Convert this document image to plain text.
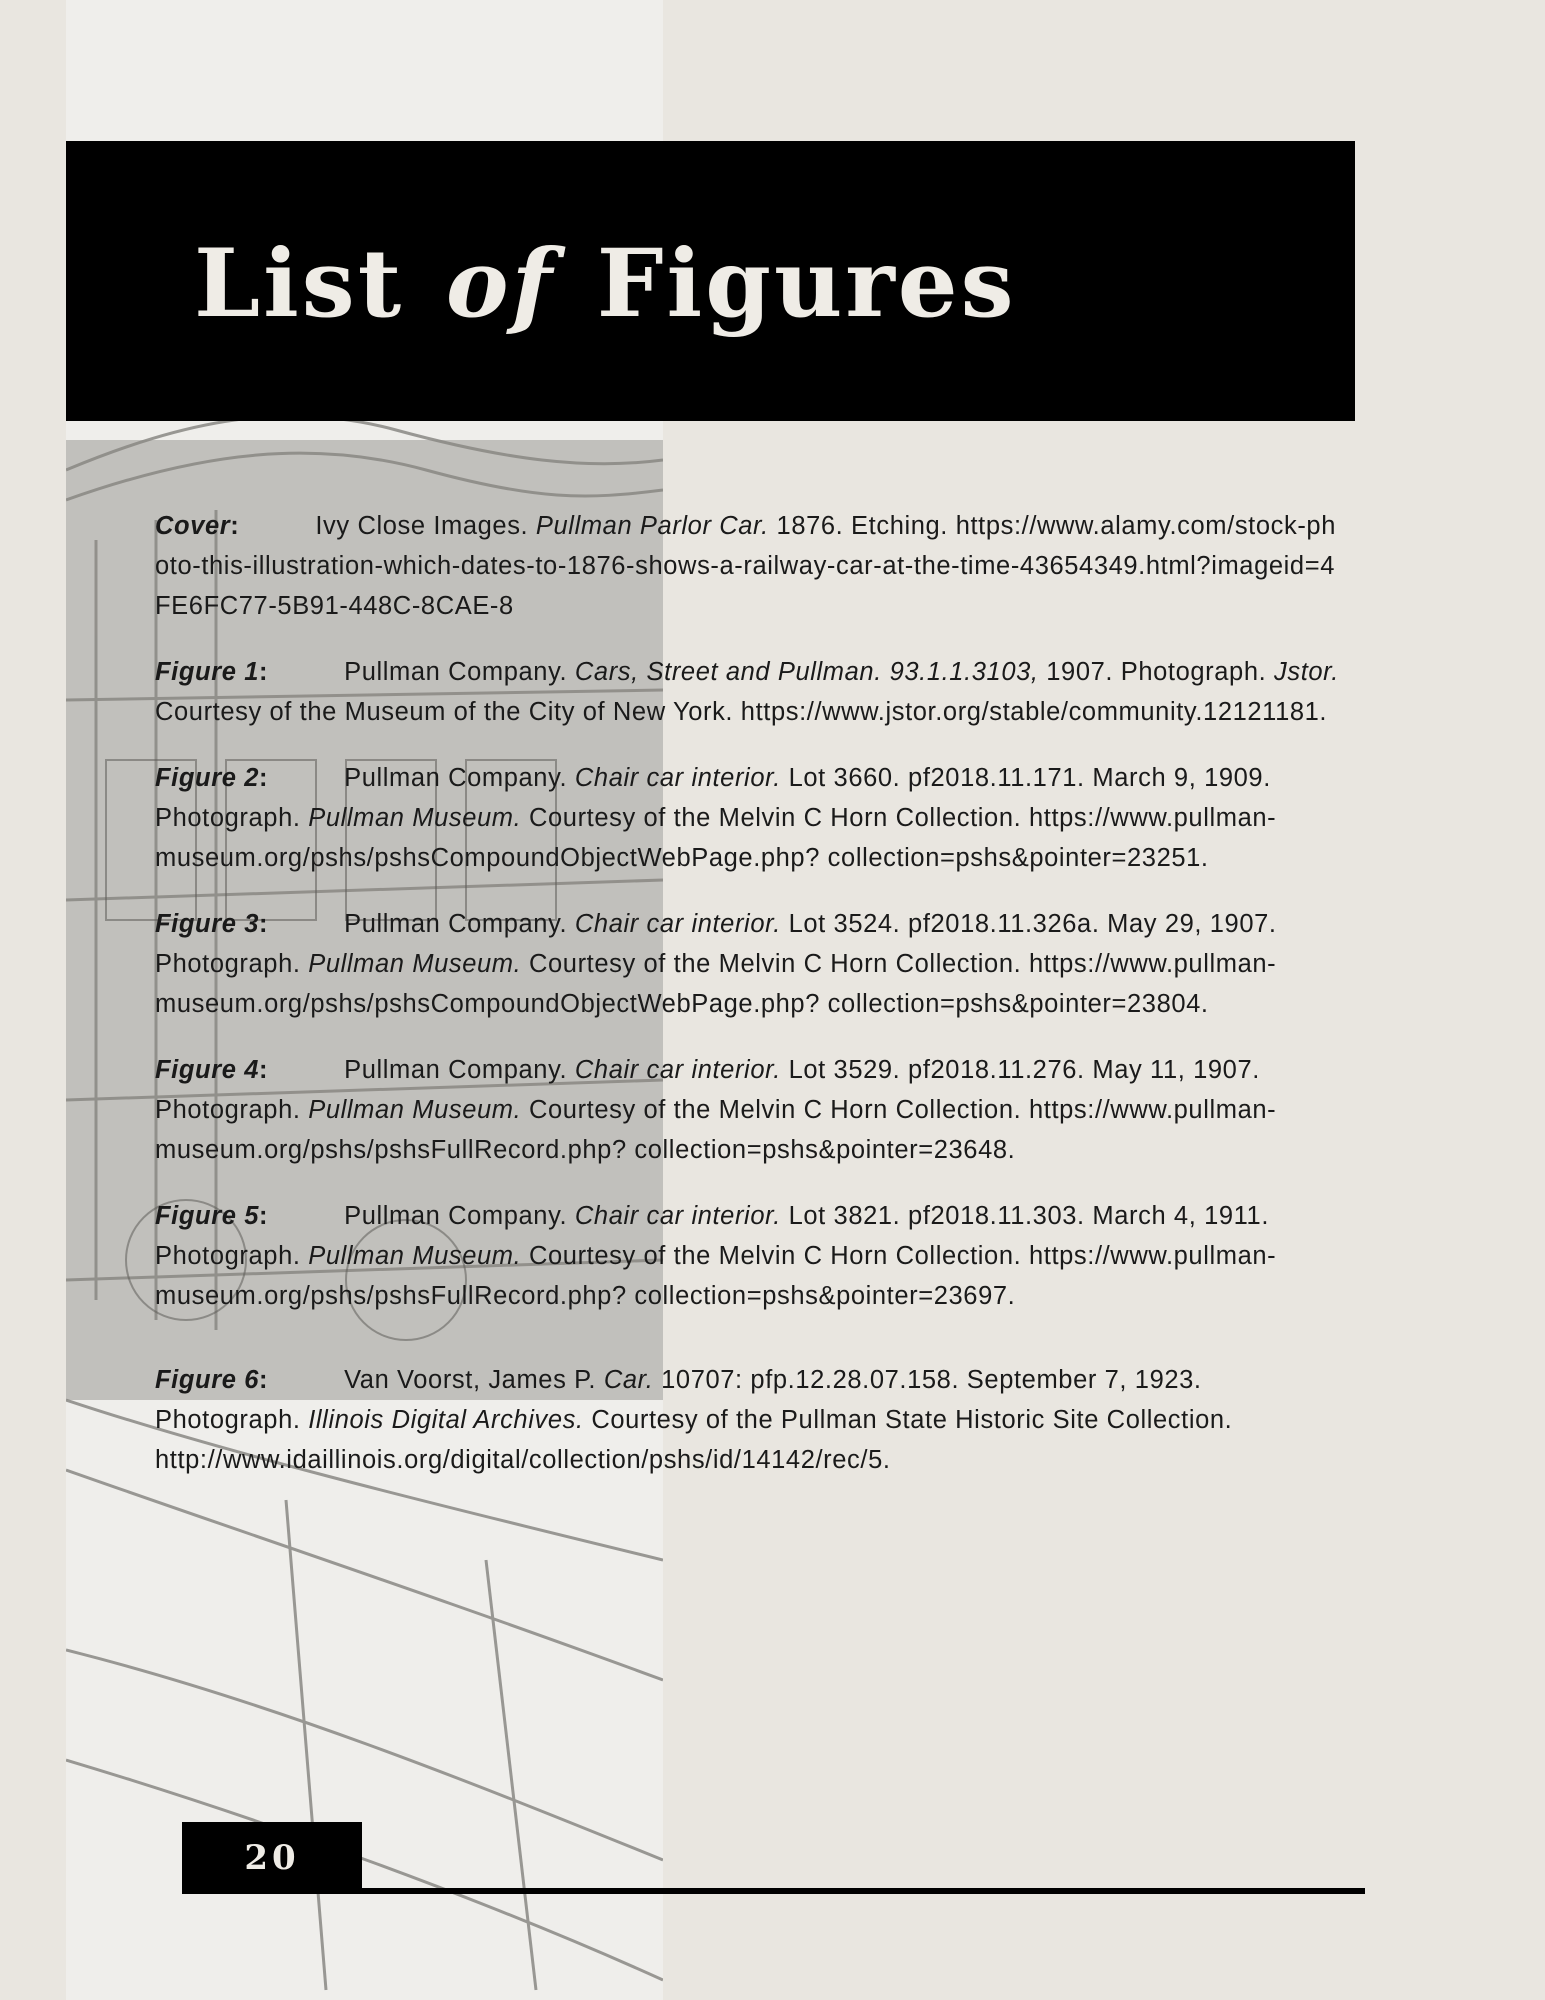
List of Figures
Cover:	Ivy Close Images. Pullman Parlor Car. 1876. Etching. https://www.alamy.com/stock-photo-this-illustration-which-dates-to-1876-shows-a-railway-car-at-the-time-43654349.html?imageid=4FE6FC77-5B91-448C-8CAE-8
Figure 1:	Pullman Company. Cars, Street and Pullman. 93.1.1.3103, 1907. Photograph. Jstor. Courtesy of the Museum of the City of New York. https://www.jstor.org/stable/community.12121181.
Figure 2:	Pullman Company. Chair car interior. Lot 3660. pf2018.11.171. March 9, 1909. Photograph. Pullman Museum. Courtesy of the Melvin C Horn Collection. https://www.pullman-museum.org/pshs/pshsCompoundObjectWebPage.php? collection=pshs&pointer=23251.
Figure 3:	Pullman Company. Chair car interior. Lot 3524. pf2018.11.326a. May 29, 1907. Photograph. Pullman Museum. Courtesy of the Melvin C Horn Collection. https://www.pullman-museum.org/pshs/pshsCompoundObjectWebPage.php? collection=pshs&pointer=23804.
Figure 4:	Pullman Company. Chair car interior. Lot 3529. pf2018.11.276. May 11, 1907. Photograph. Pullman Museum. Courtesy of the Melvin C Horn Collection. https://www.pullman-museum.org/pshs/pshsFullRecord.php? collection=pshs&pointer=23648.
Figure 5:	Pullman Company. Chair car interior. Lot 3821. pf2018.11.303. March 4, 1911. Photograph. Pullman Museum. Courtesy of the Melvin C Horn Collection. https://www.pullman-museum.org/pshs/pshsFullRecord.php? collection=pshs&pointer=23697.
Figure 6:	Van Voorst, James P. Car. 10707: pfp.12.28.07.158. September 7, 1923. Photograph. Illinois Digital Archives. Courtesy of the Pullman State Historic Site Collection. http://www.idaillinois.org/digital/collection/pshs/id/14142/rec/5.
20
